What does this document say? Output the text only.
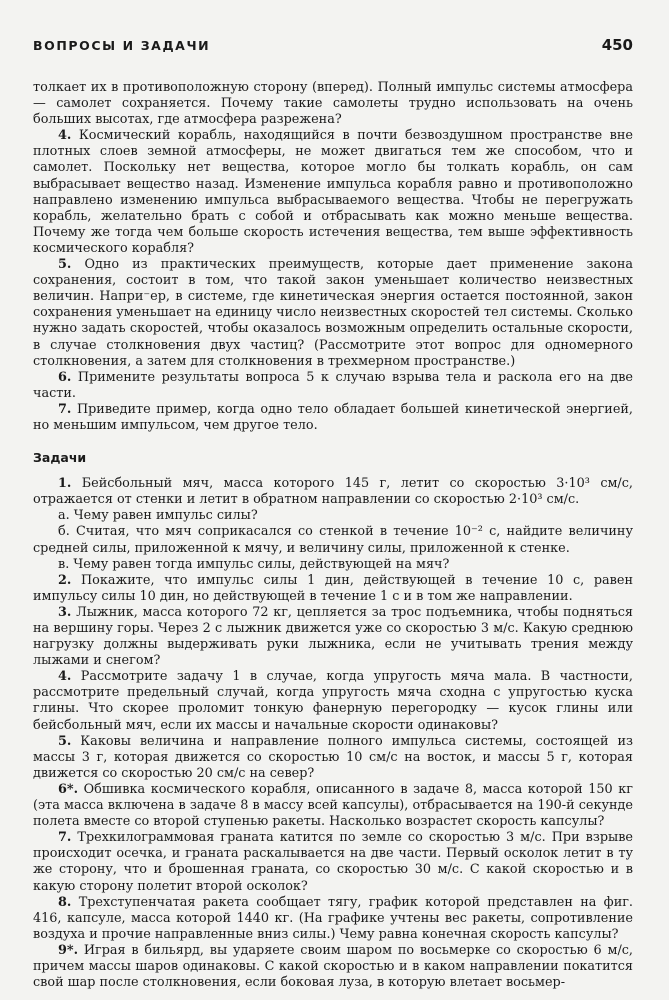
ВОПРОСЫ И ЗАДАЧИ	450

толкает их в противоположную сторону (вперед). Полный импульс системы атмосфера — самолет сохраняется. Почему такие самолеты трудно использовать на очень больших высотах, где атмосфера разрежена?

4. Космический корабль, находящийся в почти безвоздушном пространстве вне плотных слоев земной атмосферы, не может двигаться тем же способом, что и самолет. Поскольку нет вещества, которое могло бы толкать корабль, он сам выбрасывает вещество назад. Изменение импульса корабля равно и противоположно направлено изменению импульса выбрасываемого вещества. Чтобы не перегружать корабль, желательно брать с собой и отбрасывать как можно меньше вещества. Почему же тогда чем больше скорость истечения вещества, тем выше эффективность космического корабля?

5. Одно из практических преимуществ, которые дает применение закона сохранения, состоит в том, что такой закон уменьшает количество неизвестных величин. Напри⁻ер, в системе, где кинетическая энергия остается постоянной, закон сохранения уменьшает на единицу число неизвестных скоростей тел системы. Сколько нужно задать скоростей, чтобы оказалось возможным определить остальные скорости, в случае столкновения двух частиц? (Рассмотрите этот вопрос для одномерного столкновения, а затем для столкновения в трехмерном пространстве.)

6. Примените результаты вопроса 5 к случаю взрыва тела и раскола его на две части.

7. Приведите пример, когда одно тело обладает большей кинетической энергией, но меньшим импульсом, чем другое тело.

Задачи

1. Бейсбольный мяч, масса которого 145 г, летит со скоростью 3·10³ см/с, отражается от стенки и летит в обратном направлении со скоростью 2·10³ см/с.

а. Чему равен импульс силы?

б. Считая, что мяч соприкасался со стенкой в течение 10⁻² с, найдите величину средней силы, приложенной к мячу, и величину силы, приложенной к стенке.

в. Чему равен тогда импульс силы, действующей на мяч?

2. Покажите, что импульс силы 1 дин, действующей в течение 10 с, равен импульсу силы 10 дин, но действующей в течение 1 с и в том же направлении.

3. Лыжник, масса которого 72 кг, цепляется за трос подъемника, чтобы подняться на вершину горы. Через 2 с лыжник движется уже со скоростью 3 м/с. Какую среднюю нагрузку должны выдерживать руки лыжника, если не учитывать трения между лыжами и снегом?

4. Рассмотрите задачу 1 в случае, когда упругость мяча мала. В частности, рассмотрите предельный случай, когда упругость мяча сходна с упругостью куска глины. Что скорее проломит тонкую фанерную перегородку — кусок глины или бейсбольный мяч, если их массы и начальные скорости одинаковы?

5. Каковы величина и направление полного импульса системы, состоящей из массы 3 г, которая движется со скоростью 10 см/с на восток, и массы 5 г, которая движется со скоростью 20 см/с на север?

6*. Обшивка космического корабля, описанного в задаче 8, масса которой 150 кг (эта масса включена в задаче 8 в массу всей капсулы), отбрасывается на 190-й секунде полета вместе со второй ступенью ракеты. Насколько возрастет скорость капсулы?

7. Трехкилограммовая граната катится по земле со скоростью 3 м/с. При взрыве происходит осечка, и граната раскалывается на две части. Первый осколок летит в ту же сторону, что и брошенная граната, со скоростью 30 м/с. С какой скоростью и в какую сторону полетит второй осколок?

8. Трехступенчатая ракета сообщает тягу, график которой представлен на фиг. 416, капсуле, масса которой 1440 кг. (На графике учтены вес ракеты, сопротивление воздуха и прочие направленные вниз силы.) Чему равна конечная скорость капсулы?

9*. Играя в бильярд, вы ударяете своим шаром по восьмерке со скоростью 6 м/с, причем массы шаров одинаковы. С какой скоростью и в каком направлении покатится свой шар после столкновения, если боковая луза, в которую влетает восьмер-
